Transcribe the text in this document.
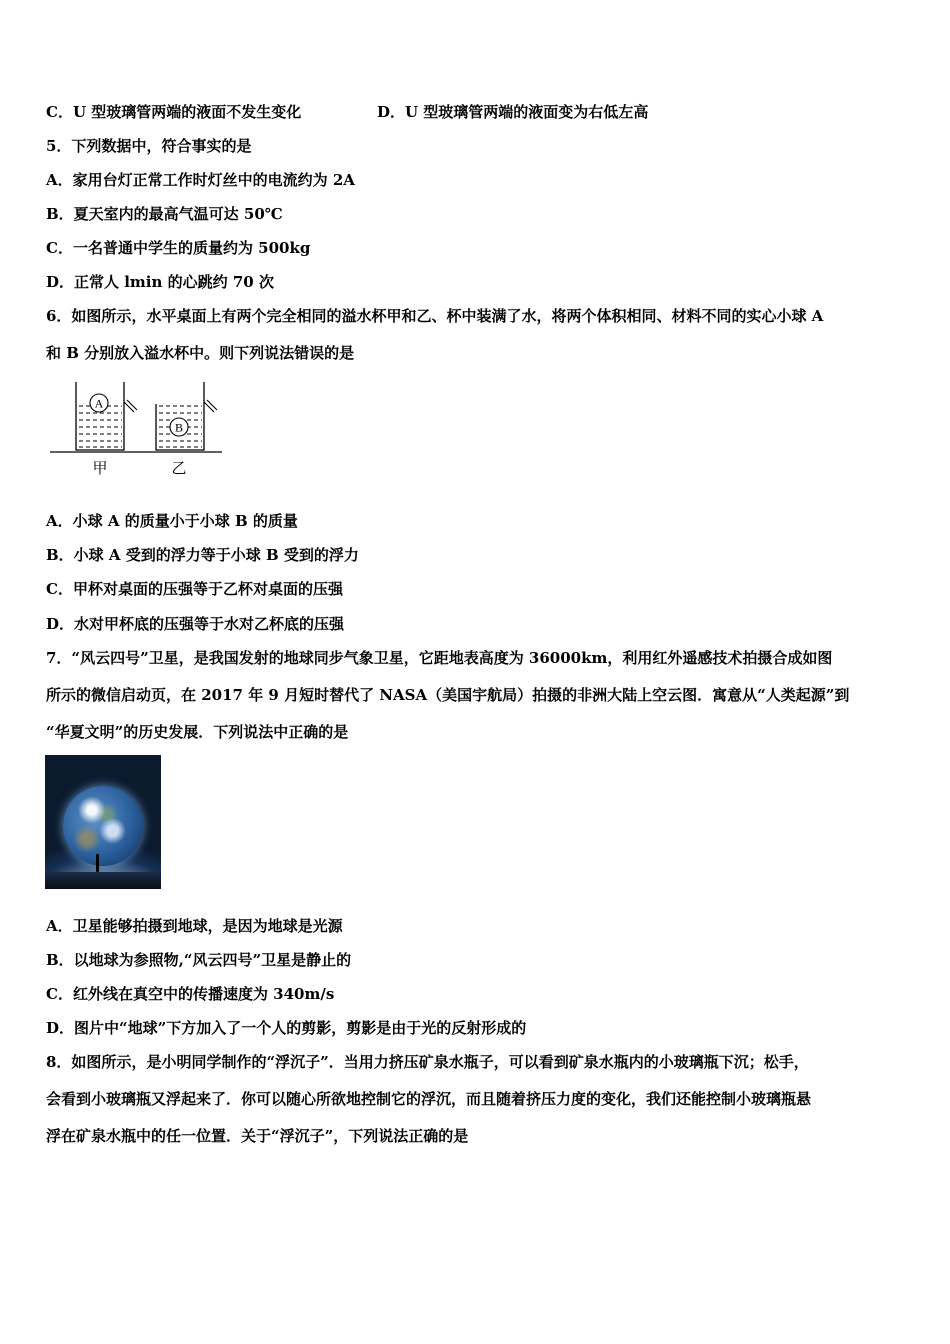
C．U 型玻璃管两端的液面不发生变化	D．U 型玻璃管两端的液面变为右低左高
5．下列数据中，符合事实的是
A．家用台灯正常工作时灯丝中的电流约为 2A
B．夏天室内的最高气温可达 50℃
C．一名普通中学生的质量约为 500kg
D．正常人 lmin 的心跳约 70 次
6．如图所示，水平桌面上有两个完全相同的溢水杯甲和乙、杯中装满了水，将两个体积相同、材料不同的实心小球 A
和 B 分别放入溢水杯中。则下列说法错误的是
A
B
甲	乙
A．小球 A 的质量小于小球 B 的质量
B．小球 A 受到的浮力等于小球 B 受到的浮力
C．甲杯对桌面的压强等于乙杯对桌面的压强
D．水对甲杯底的压强等于水对乙杯底的压强
7．“风云四号”卫星，是我国发射的地球同步气象卫星，它距地表高度为 36000km，利用红外遥感技术拍摄合成如图
所示的微信启动页，在 2017 年 9 月短时替代了 NASA（美国宇航局）拍摄的非洲大陆上空云图．寓意从“人类起源”到
“华夏文明”的历史发展．下列说法中正确的是
A．卫星能够拍摄到地球，是因为地球是光源
B．以地球为参照物,“风云四号”卫星是静止的
C．红外线在真空中的传播速度为 340m/s
D．图片中“地球”下方加入了一个人的剪影，剪影是由于光的反射形成的
8．如图所示，是小明同学制作的“浮沉子”．当用力挤压矿泉水瓶子，可以看到矿泉水瓶内的小玻璃瓶下沉；松手，
会看到小玻璃瓶又浮起来了．你可以随心所欲地控制它的浮沉，而且随着挤压力度的变化，我们还能控制小玻璃瓶悬
浮在矿泉水瓶中的任一位置．关于“浮沉子”，下列说法正确的是
